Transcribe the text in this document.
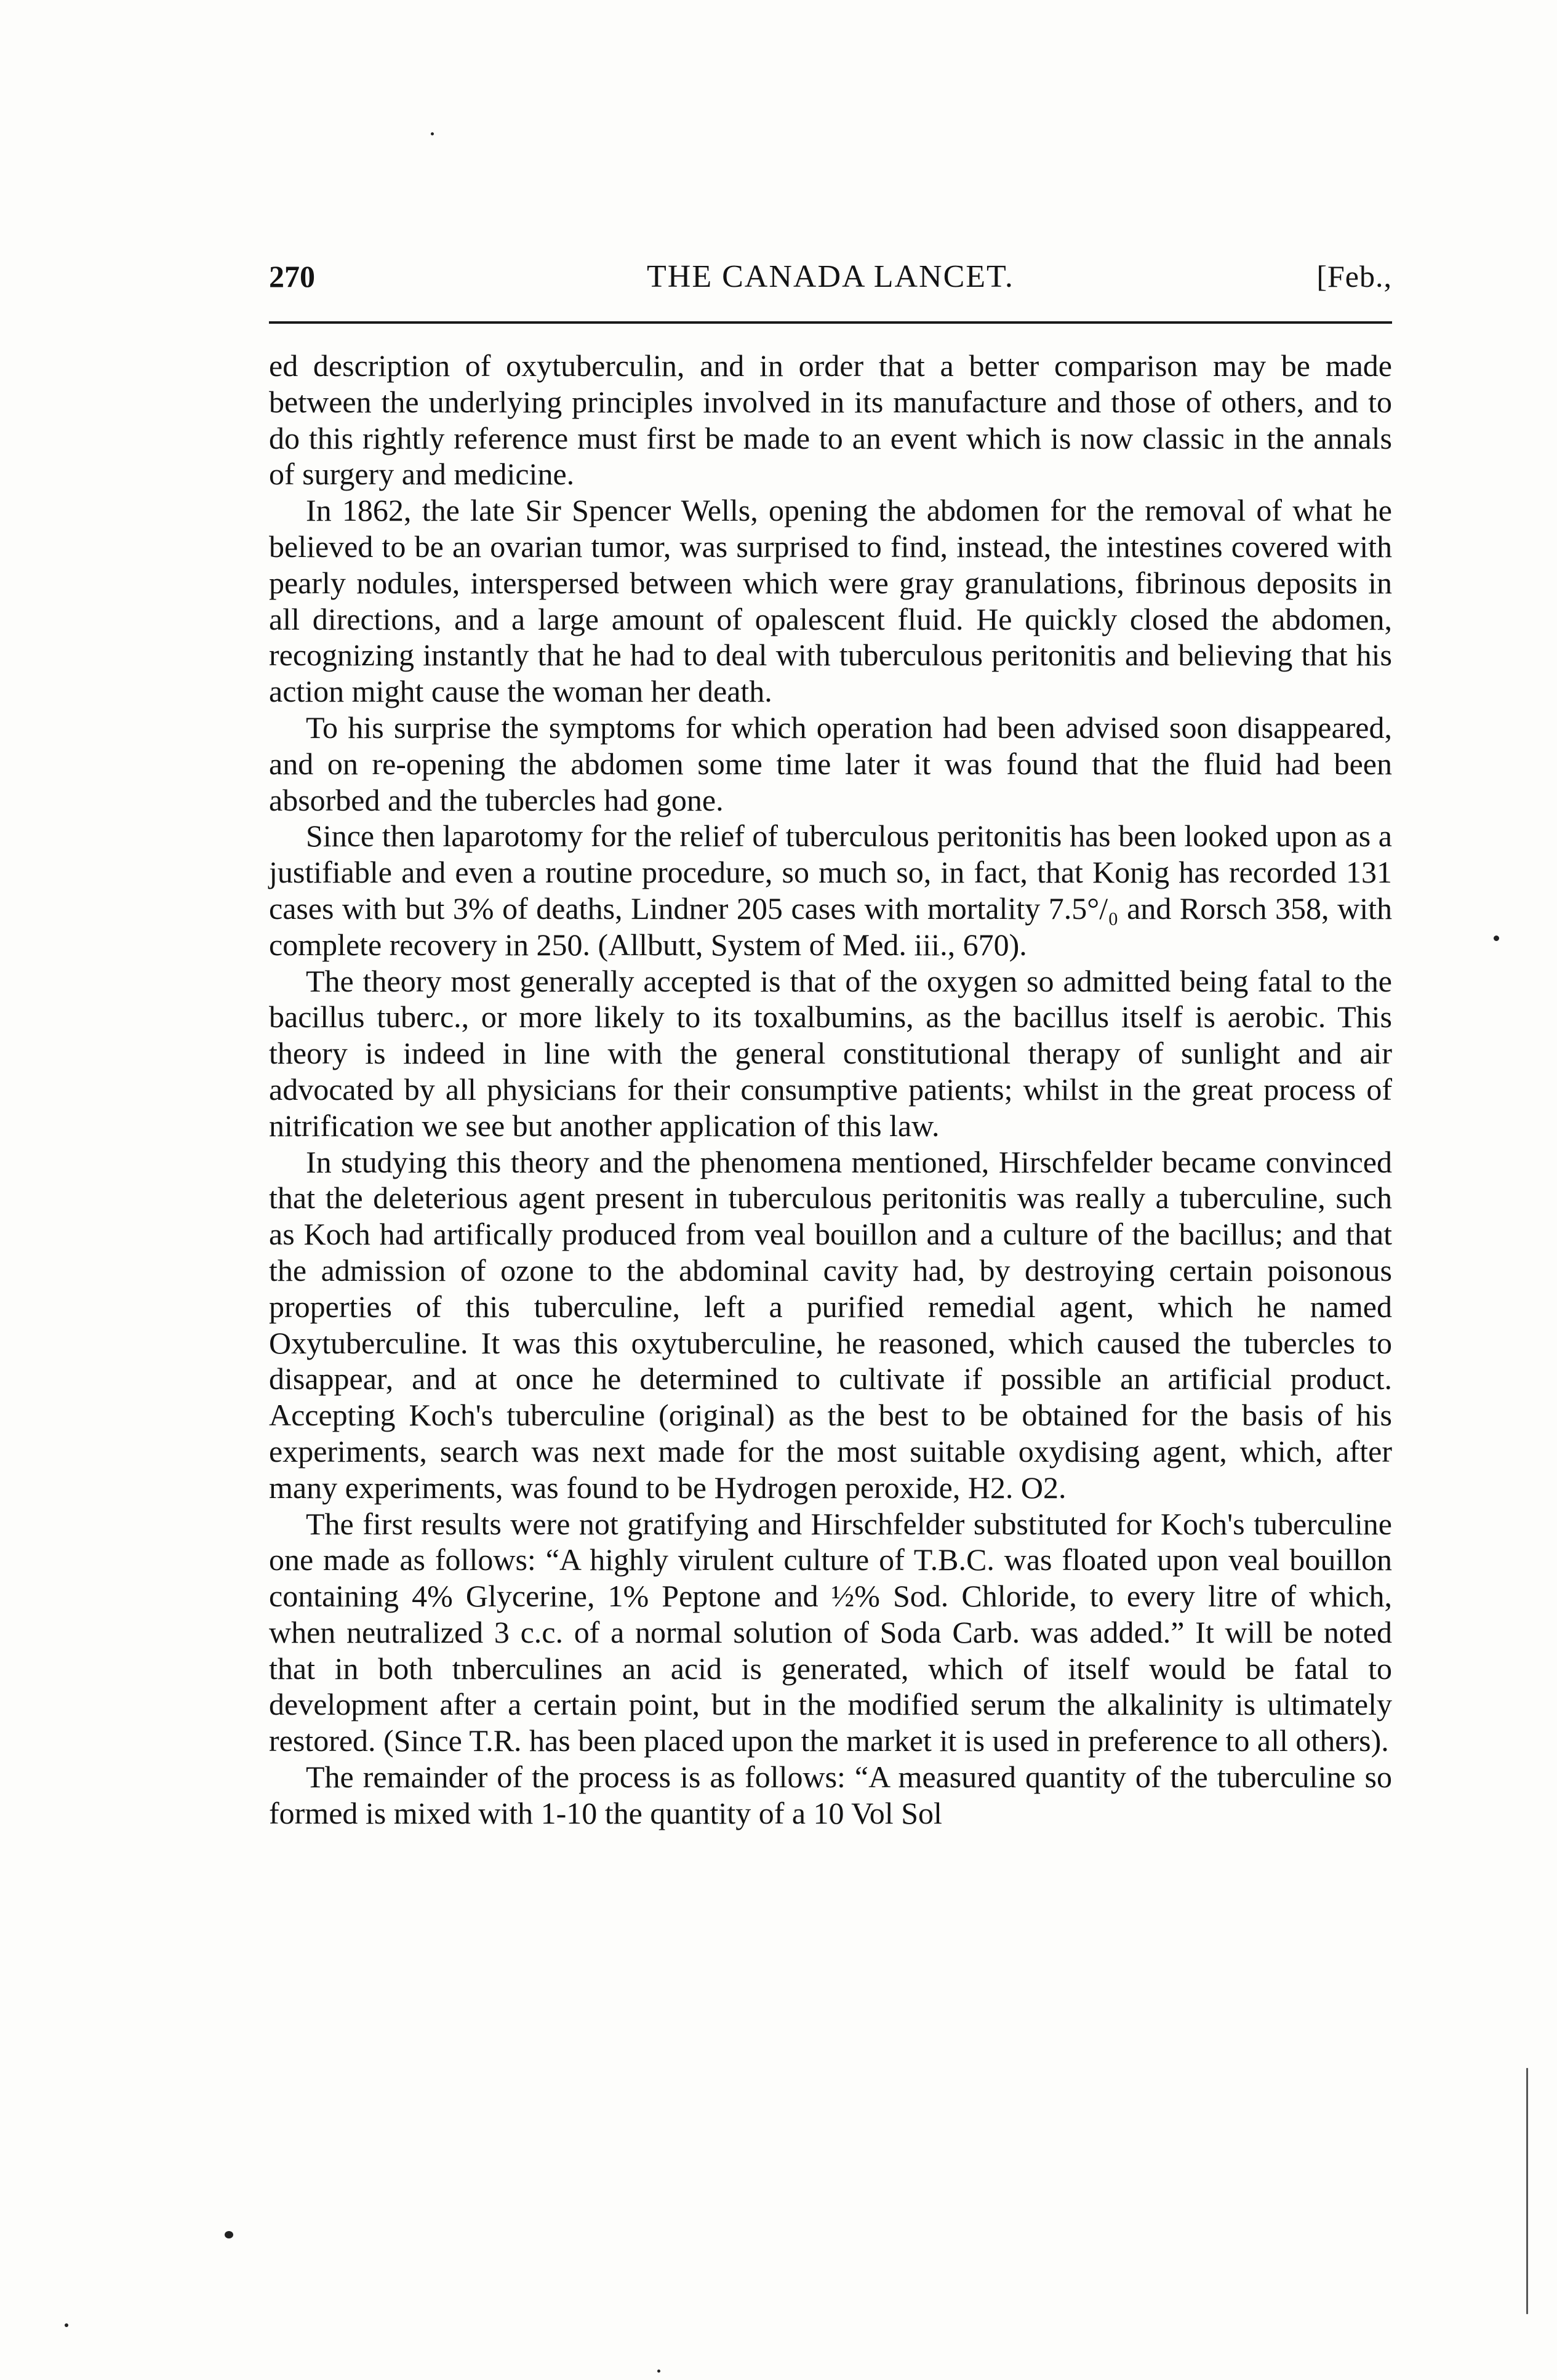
270	THE CANADA LANCET.	[Feb.,

ed description of oxytuberculin, and in order that a better comparison may be made between the underlying principles involved in its manufacture and those of others, and to do this rightly reference must first be made to an event which is now classic in the annals of surgery and medicine.

In 1862, the late Sir Spencer Wells, opening the abdomen for the removal of what he believed to be an ovarian tumor, was surprised to find, instead, the intestines covered with pearly nodules, interspersed between which were gray granulations, fibrinous deposits in all directions, and a large amount of opalescent fluid. He quickly closed the abdomen, recognizing instantly that he had to deal with tuberculous peritonitis and believing that his action might cause the woman her death.

To his surprise the symptoms for which operation had been advised soon disappeared, and on re-opening the abdomen some time later it was found that the fluid had been absorbed and the tubercles had gone.

Since then laparotomy for the relief of tuberculous peritonitis has been looked upon as a justifiable and even a routine procedure, so much so, in fact, that Konig has recorded 131 cases with but 3% of deaths, Lindner 205 cases with mortality 7.5°/₀ and Rorsch 358, with complete recovery in 250. (Allbutt, System of Med. iii., 670).

The theory most generally accepted is that of the oxygen so admitted being fatal to the bacillus tuberc., or more likely to its toxalbumins, as the bacillus itself is aerobic. This theory is indeed in line with the general constitutional therapy of sunlight and air advocated by all physicians for their consumptive patients; whilst in the great process of nitrification we see but another application of this law.

In studying this theory and the phenomena mentioned, Hirschfelder became convinced that the deleterious agent present in tuberculous peritonitis was really a tuberculine, such as Koch had artifically produced from veal bouillon and a culture of the bacillus; and that the admission of ozone to the abdominal cavity had, by destroying certain poisonous properties of this tuberculine, left a purified remedial agent, which he named Oxytuberculine. It was this oxytuberculine, he reasoned, which caused the tubercles to disappear, and at once he determined to cultivate if possible an artificial product. Accepting Koch's tuberculine (original) as the best to be obtained for the basis of his experiments, search was next made for the most suitable oxydising agent, which, after many experiments, was found to be Hydrogen peroxide, H2. O2.

The first results were not gratifying and Hirschfelder substituted for Koch's tuberculine one made as follows: “A highly virulent culture of T.B.C. was floated upon veal bouillon containing 4% Glycerine, 1% Peptone and ½% Sod. Chloride, to every litre of which, when neutralized 3 c.c. of a normal solution of Soda Carb. was added.” It will be noted that in both tnberculines an acid is generated, which of itself would be fatal to development after a certain point, but in the modified serum the alkalinity is ultimately restored. (Since T.R. has been placed upon the market it is used in preference to all others).

The remainder of the process is as follows: “A measured quantity of the tuberculine so formed is mixed with 1-10 the quantity of a 10 Vol Sol
